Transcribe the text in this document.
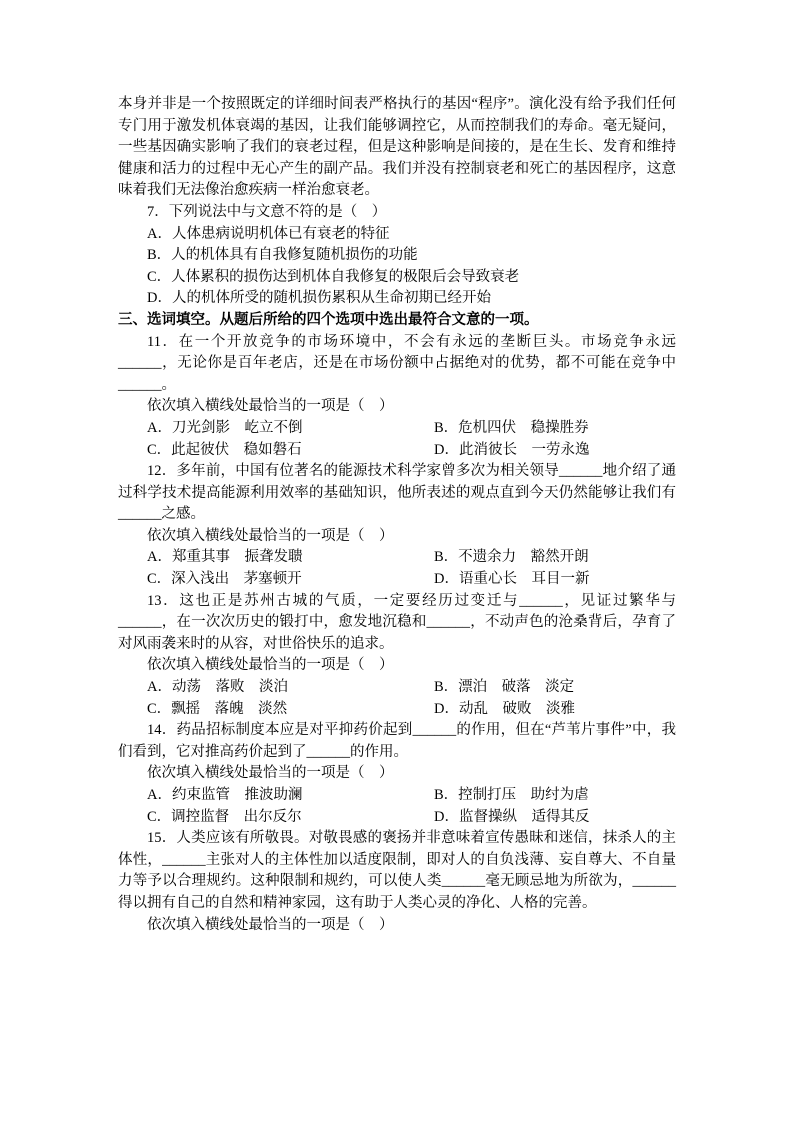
本身并非是一个按照既定的详细时间表严格执行的基因“程序”。演化没有给予我们任何专门用于激发机体衰竭的基因，让我们能够调控它，从而控制我们的寿命。毫无疑问，一些基因确实影响了我们的衰老过程，但是这种影响是间接的，是在生长、发育和维持健康和活力的过程中无心产生的副产品。我们并没有控制衰老和死亡的基因程序，这意味着我们无法像治愈疾病一样治愈衰老。

7．下列说法中与文意不符的是（　）

A．人体患病说明机体已有衰老的特征

B．人的机体具有自我修复随机损伤的功能

C．人体累积的损伤达到机体自我修复的极限后会导致衰老

D．人的机体所受的随机损伤累积从生命初期已经开始

三、选词填空。从题后所给的四个选项中选出最符合文意的一项。

11．在一个开放竞争的市场环境中，不会有永远的垄断巨头。市场竞争永远______，无论你是百年老店，还是在市场份额中占据绝对的优势，都不可能在竞争中______。

依次填入横线处最恰当的一项是（　）

A．刀光剑影　屹立不倒	B．危机四伏　稳操胜券
C．此起彼伏　稳如磐石	D．此消彼长　一劳永逸

12．多年前，中国有位著名的能源技术科学家曾多次为相关领导______地介绍了通过科学技术提高能源利用效率的基础知识，他所表述的观点直到今天仍然能够让我们有______之感。

依次填入横线处最恰当的一项是（　）

A．郑重其事　振聋发聩	B．不遗余力　豁然开朗
C．深入浅出　茅塞顿开	D．语重心长　耳目一新

13．这也正是苏州古城的气质，一定要经历过变迁与______，见证过繁华与______，在一次次历史的锻打中，愈发地沉稳和______，不动声色的沧桑背后，孕育了对风雨袭来时的从容，对世俗快乐的追求。

依次填入横线处最恰当的一项是（　）

A．动荡　落败　淡泊	B．漂泊　破落　淡定
C．飘摇　落魄　淡然	D．动乱　破败　淡雅

14．药品招标制度本应是对平抑药价起到______的作用，但在“芦苇片事件”中，我们看到，它对推高药价起到了______的作用。

依次填入横线处最恰当的一项是（　）

A．约束监管　推波助澜	B．控制打压　助纣为虐
C．调控监督　出尔反尔	D．监督操纵　适得其反

15．人类应该有所敬畏。对敬畏感的褒扬并非意味着宣传愚昧和迷信，抹杀人的主体性，______主张对人的主体性加以适度限制，即对人的自负浅薄、妄自尊大、不自量力等予以合理规约。这种限制和规约，可以使人类______毫无顾忌地为所欲为，______得以拥有自己的自然和精神家园，这有助于人类心灵的净化、人格的完善。

依次填入横线处最恰当的一项是（　）
